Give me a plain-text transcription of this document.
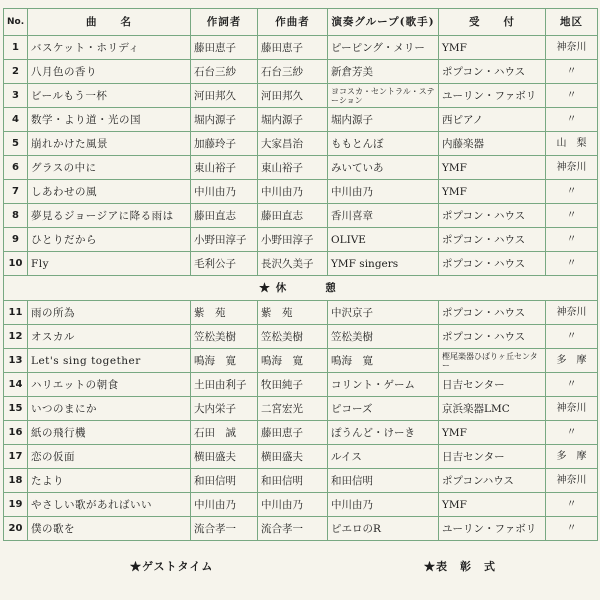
No.	曲　　名	作詞者	作曲者	演奏グループ(歌手)	受　　付	地区
1	バスケット・ホリディ	藤田恵子	藤田恵子	ピーピング・メリー	YMF	神奈川
2	八月色の香り	石台三紗	石台三紗	新倉芳美	ポプコン・ハウス	〃
3	ビールもう一杯	河田邦久	河田邦久	ヨコスカ・セントラル・ステーション	ユーリン・ファボリ	〃
4	数学・より道・光の国	堀内源子	堀内源子	堀内源子	西ピアノ	〃
5	崩れかけた風景	加藤玲子	大家昌治	ももとんぼ	内藤楽器	山　梨
6	グラスの中に	東山裕子	東山裕子	みいていあ	YMF	神奈川
7	しあわせの風	中川由乃	中川由乃	中川由乃	YMF	〃
8	夢見るジョージアに降る雨は	藤田直志	藤田直志	香川喜章	ポプコン・ハウス	〃
9	ひとりだから	小野田淳子	小野田淳子	OLIVE	ポプコン・ハウス	〃
10	Fly	毛利公子	長沢久美子	YMF singers	ポプコン・ハウス	〃
★休　　憩						
11	雨の所為	紫　苑	紫　苑	中沢京子	ポプコン・ハウス	神奈川
12	オスカル	笠松美樹	笠松美樹	笠松美樹	ポプコン・ハウス	〃
13	Let's sing together	鳴海　寛	鳴海　寛	鳴海　寛	樫尾楽器ひばりヶ丘センター	多　摩
14	ハリエットの朝食	土田由利子	牧田純子	コリント・ゲーム	日吉センター	〃
15	いつのまにか	大内栄子	二宮宏光	ピコーズ	京浜楽器LMC	神奈川
16	紙の飛行機	石田　誠	藤田恵子	ぽうんど・けーき	YMF	〃
17	恋の仮面	横田盛夫	横田盛夫	ルイス	日吉センター	多　摩
18	たより	和田信明	和田信明	和田信明	ポプコンハウス	神奈川
19	やさしい歌があればいい	中川由乃	中川由乃	中川由乃	YMF	〃
20	僕の歌を	流合孝一	流合孝一	ピエロのR	ユーリン・ファボリ	〃
★ゲストタイム	★表　彰　式
